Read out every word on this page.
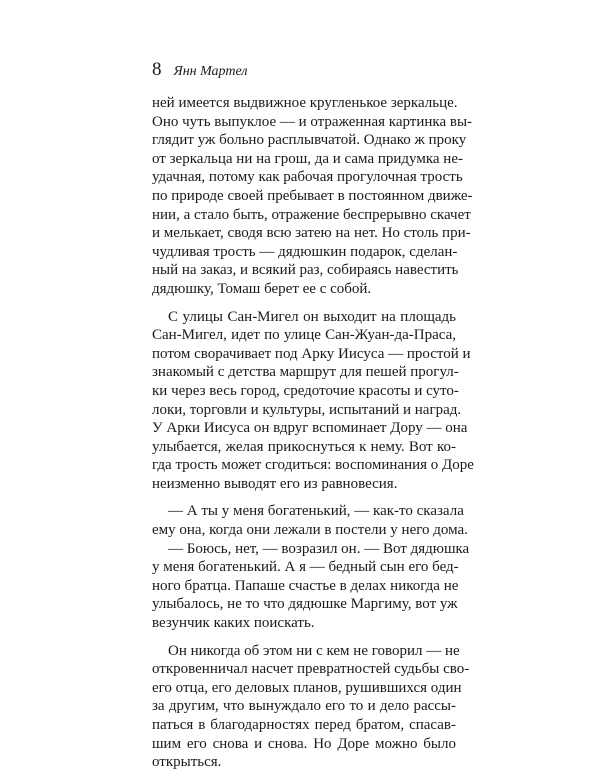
8 Янн Мартел
ней имеется выдвижное кругленькое зеркальце.
Оно чуть выпуклое — и отраженная картинка вы-
глядит уж больно расплывчатой. Однако ж проку
от зеркальца ни на грош, да и сама придумка не-
удачная, потому как рабочая прогулочная трость
по природе своей пребывает в постоянном движе-
нии, а стало быть, отражение беспрерывно скачет
и мелькает, сводя всю затею на нет. Но столь при-
чудливая трость — дядюшкин подарок, сделан-
ный на заказ, и всякий раз, собираясь навестить
дядюшку, Томаш берет ее с собой.
С улицы Сан-Мигел он выходит на площадь
Сан-Мигел, идет по улице Сан-Жуан-да-Праса,
потом сворачивает под Арку Иисуса — простой и
знакомый с детства маршрут для пешей прогул-
ки через весь город, средоточие красоты и суто-
локи, торговли и культуры, испытаний и наград.
У Арки Иисуса он вдруг вспоминает Дору — она
улыбается, желая прикоснуться к нему. Вот ко-
гда трость может сгодиться: воспоминания о Доре
неизменно выводят его из равновесия.
— А ты у меня богатенький, — как-то сказала
ему она, когда они лежали в постели у него дома.
— Боюсь, нет, — возразил он. — Вот дядюшка
у меня богатенький. А я — бедный сын его бед-
ного братца. Папаше счастье в делах никогда не
улыбалось, не то что дядюшке Маргиму, вот уж
везунчик каких поискать.
Он никогда об этом ни с кем не говорил — не
откровенничал насчет превратностей судьбы сво-
его отца, его деловых планов, рушившихся один
за другим, что вынуждало его то и дело рассы-
паться в благодарностях перед братом, спасав-
шим его снова и снова. Но Доре можно было
открыться.
